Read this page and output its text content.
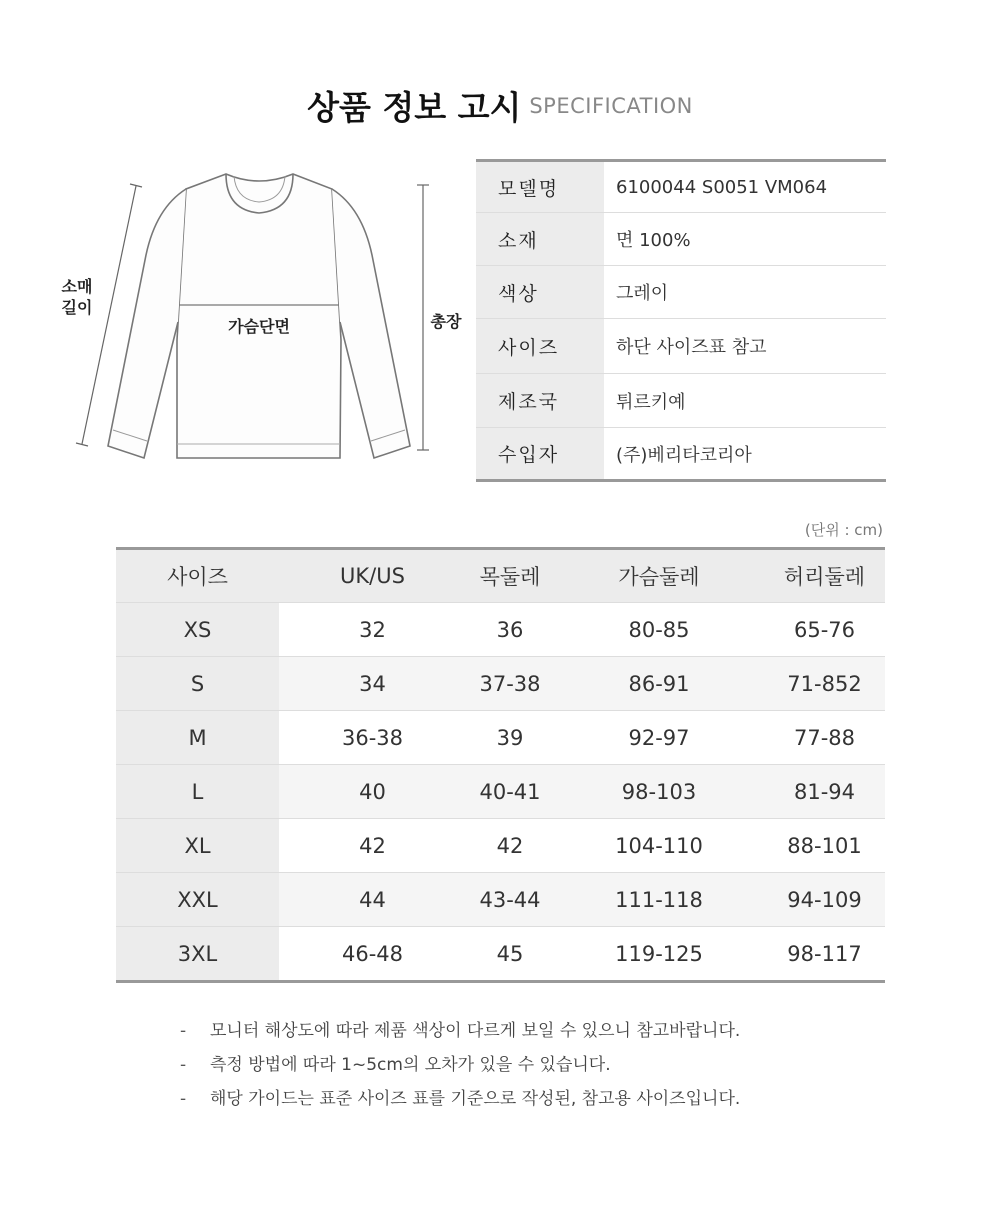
상품 정보 고시 SPECIFICATION
가슴단면
소매
길이
총장
모델명	6100044 S0051 VM064
소재	면 100%
색상	그레이
사이즈	하단 사이즈표 참고
제조국	튀르키예
수입자	(주)베리타코리아
(단위 : cm)
사이즈	UK/US	목둘레	가슴둘레	허리둘레
XS	32	36	80-85	65-76
S	34	37-38	86-91	71-852
M	36-38	39	92-97	77-88
L	40	40-41	98-103	81-94
XL	42	42	104-110	88-101
XXL	44	43-44	111-118	94-109
3XL	46-48	45	119-125	98-117
- 모니터 해상도에 따라 제품 색상이 다르게 보일 수 있으니 참고바랍니다.
- 측정 방법에 따라 1~5cm의 오차가 있을 수 있습니다.
- 해당 가이드는 표준 사이즈 표를 기준으로 작성된, 참고용 사이즈입니다.
